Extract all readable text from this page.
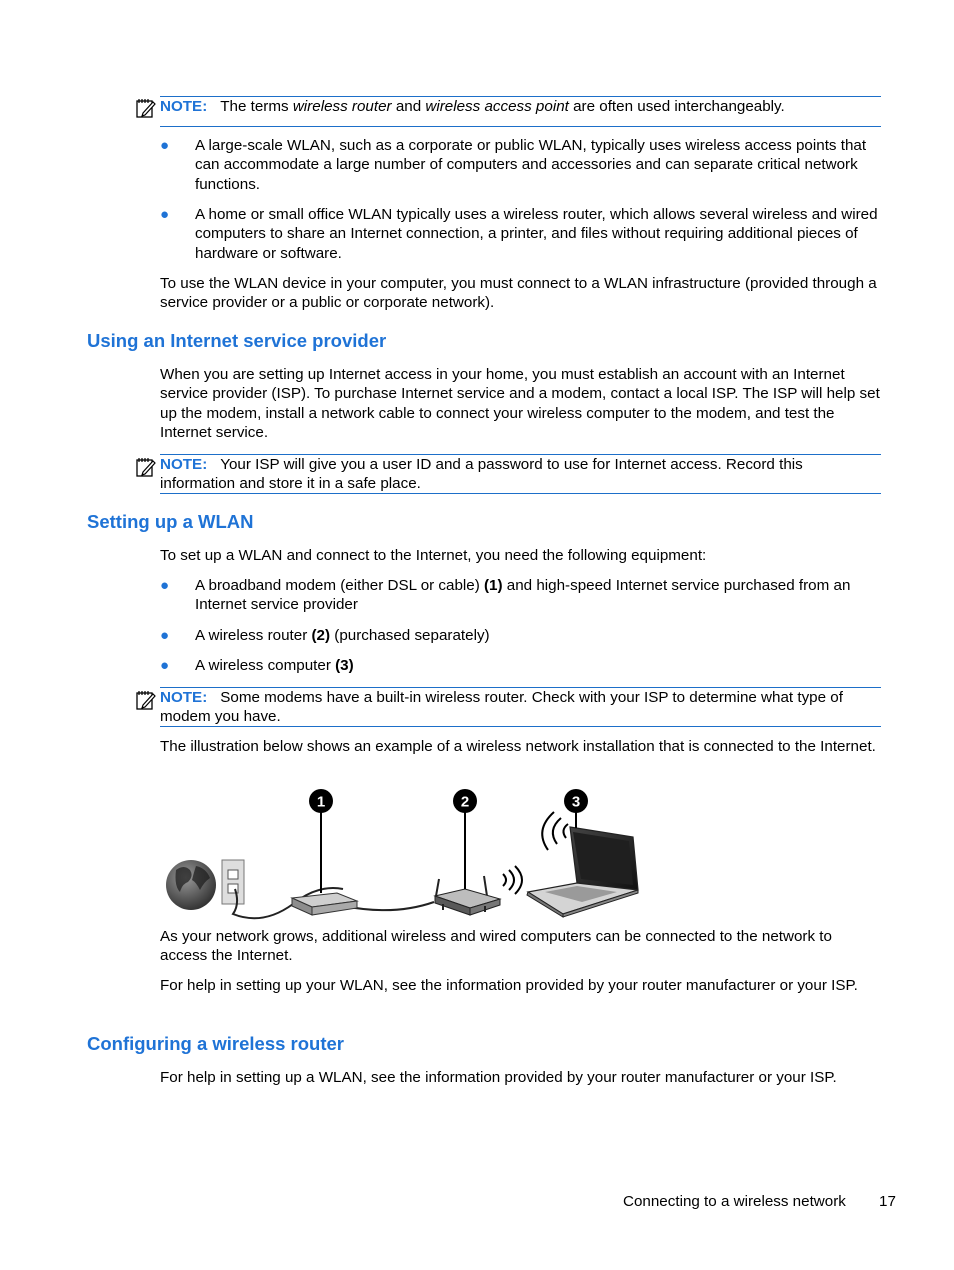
NOTE: The terms wireless router and wireless access point are often used interchangeably.
● A large-scale WLAN, such as a corporate or public WLAN, typically uses wireless access points that can accommodate a large number of computers and accessories and can separate critical network functions.
● A home or small office WLAN typically uses a wireless router, which allows several wireless and wired computers to share an Internet connection, a printer, and files without requiring additional pieces of hardware or software.
To use the WLAN device in your computer, you must connect to a WLAN infrastructure (provided through a service provider or a public or corporate network).
Using an Internet service provider
When you are setting up Internet access in your home, you must establish an account with an Internet service provider (ISP). To purchase Internet service and a modem, contact a local ISP. The ISP will help set up the modem, install a network cable to connect your wireless computer to the modem, and test the Internet service.
NOTE: Your ISP will give you a user ID and a password to use for Internet access. Record this information and store it in a safe place.
Setting up a WLAN
To set up a WLAN and connect to the Internet, you need the following equipment:
● A broadband modem (either DSL or cable) (1) and high-speed Internet service purchased from an Internet service provider
● A wireless router (2) (purchased separately)
● A wireless computer (3)
NOTE: Some modems have a built-in wireless router. Check with your ISP to determine what type of modem you have.
The illustration below shows an example of a wireless network installation that is connected to the Internet.
1	2	3
As your network grows, additional wireless and wired computers can be connected to the network to access the Internet.
For help in setting up your WLAN, see the information provided by your router manufacturer or your ISP.
Configuring a wireless router
For help in setting up a WLAN, see the information provided by your router manufacturer or your ISP.
Connecting to a wireless network 17
